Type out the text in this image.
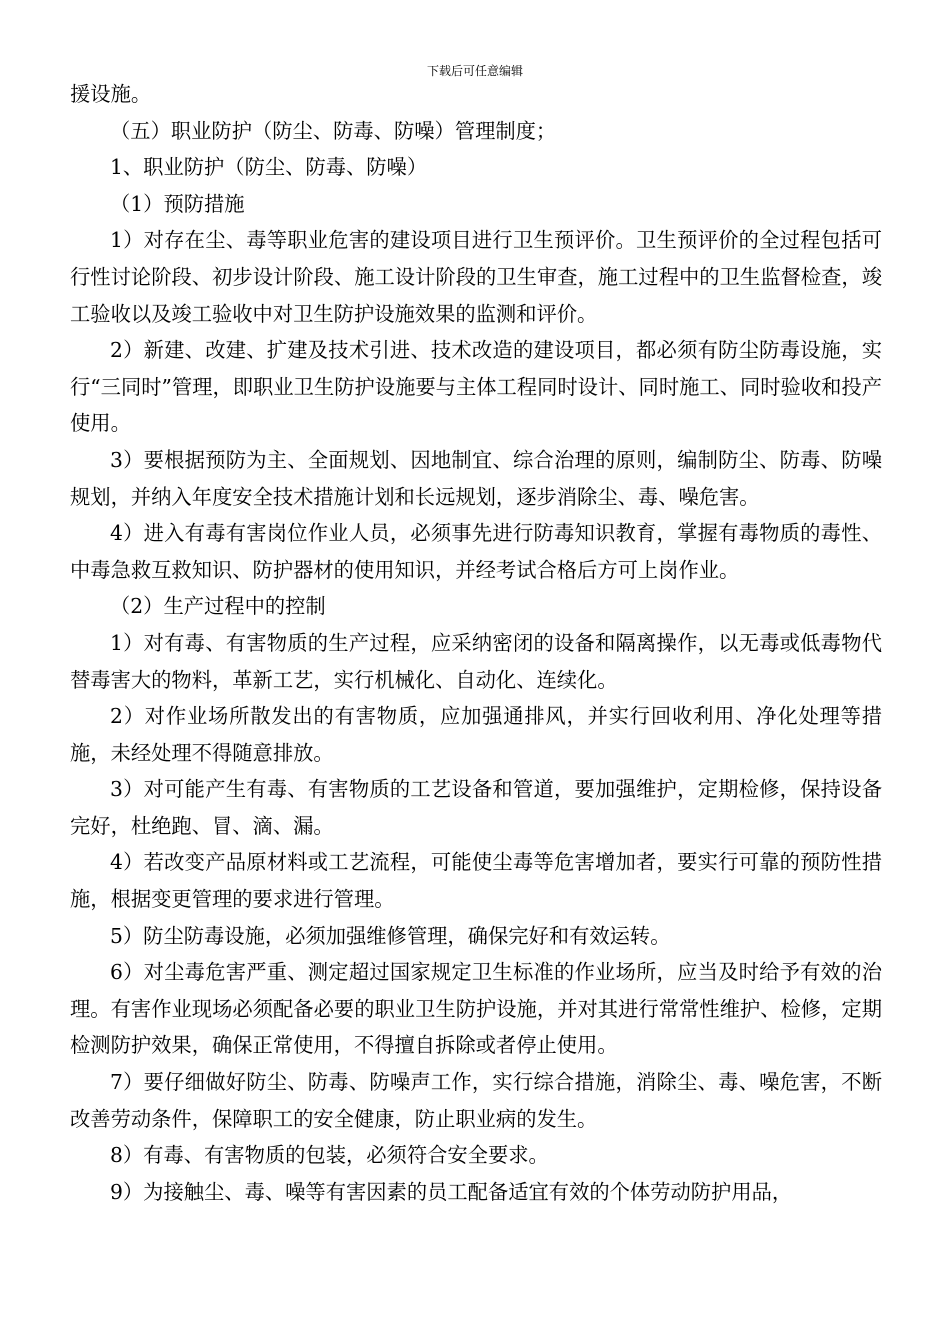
下载后可任意编辑

援设施。

（五）职业防护（防尘、防毒、防噪）管理制度；

1、职业防护（防尘、防毒、防噪）

（1）预防措施

1）对存在尘、毒等职业危害的建设项目进行卫生预评价。卫生预评价的全过程包括可行性讨论阶段、初步设计阶段、施工设计阶段的卫生审查，施工过程中的卫生监督检查，竣工验收以及竣工验收中对卫生防护设施效果的监测和评价。

2）新建、改建、扩建及技术引进、技术改造的建设项目，都必须有防尘防毒设施，实行“三同时”管理，即职业卫生防护设施要与主体工程同时设计、同时施工、同时验收和投产使用。

3）要根据预防为主、全面规划、因地制宜、综合治理的原则，编制防尘、防毒、防噪规划，并纳入年度安全技术措施计划和长远规划，逐步消除尘、毒、噪危害。

4）进入有毒有害岗位作业人员，必须事先进行防毒知识教育，掌握有毒物质的毒性、中毒急救互救知识、防护器材的使用知识，并经考试合格后方可上岗作业。

（2）生产过程中的控制

1）对有毒、有害物质的生产过程，应采纳密闭的设备和隔离操作，以无毒或低毒物代替毒害大的物料，革新工艺，实行机械化、自动化、连续化。

2）对作业场所散发出的有害物质，应加强通排风，并实行回收利用、净化处理等措施，未经处理不得随意排放。

3）对可能产生有毒、有害物质的工艺设备和管道，要加强维护，定期检修，保持设备完好，杜绝跑、冒、滴、漏。

4）若改变产品原材料或工艺流程，可能使尘毒等危害增加者，要实行可靠的预防性措施，根据变更管理的要求进行管理。

5）防尘防毒设施，必须加强维修管理，确保完好和有效运转。

6）对尘毒危害严重、测定超过国家规定卫生标准的作业场所，应当及时给予有效的治理。有害作业现场必须配备必要的职业卫生防护设施，并对其进行常常性维护、检修，定期检测防护效果，确保正常使用，不得擅自拆除或者停止使用。

7）要仔细做好防尘、防毒、防噪声工作，实行综合措施，消除尘、毒、噪危害，不断改善劳动条件，保障职工的安全健康，防止职业病的发生。

8）有毒、有害物质的包装，必须符合安全要求。

9）为接触尘、毒、噪等有害因素的员工配备适宜有效的个体劳动防护用品，
